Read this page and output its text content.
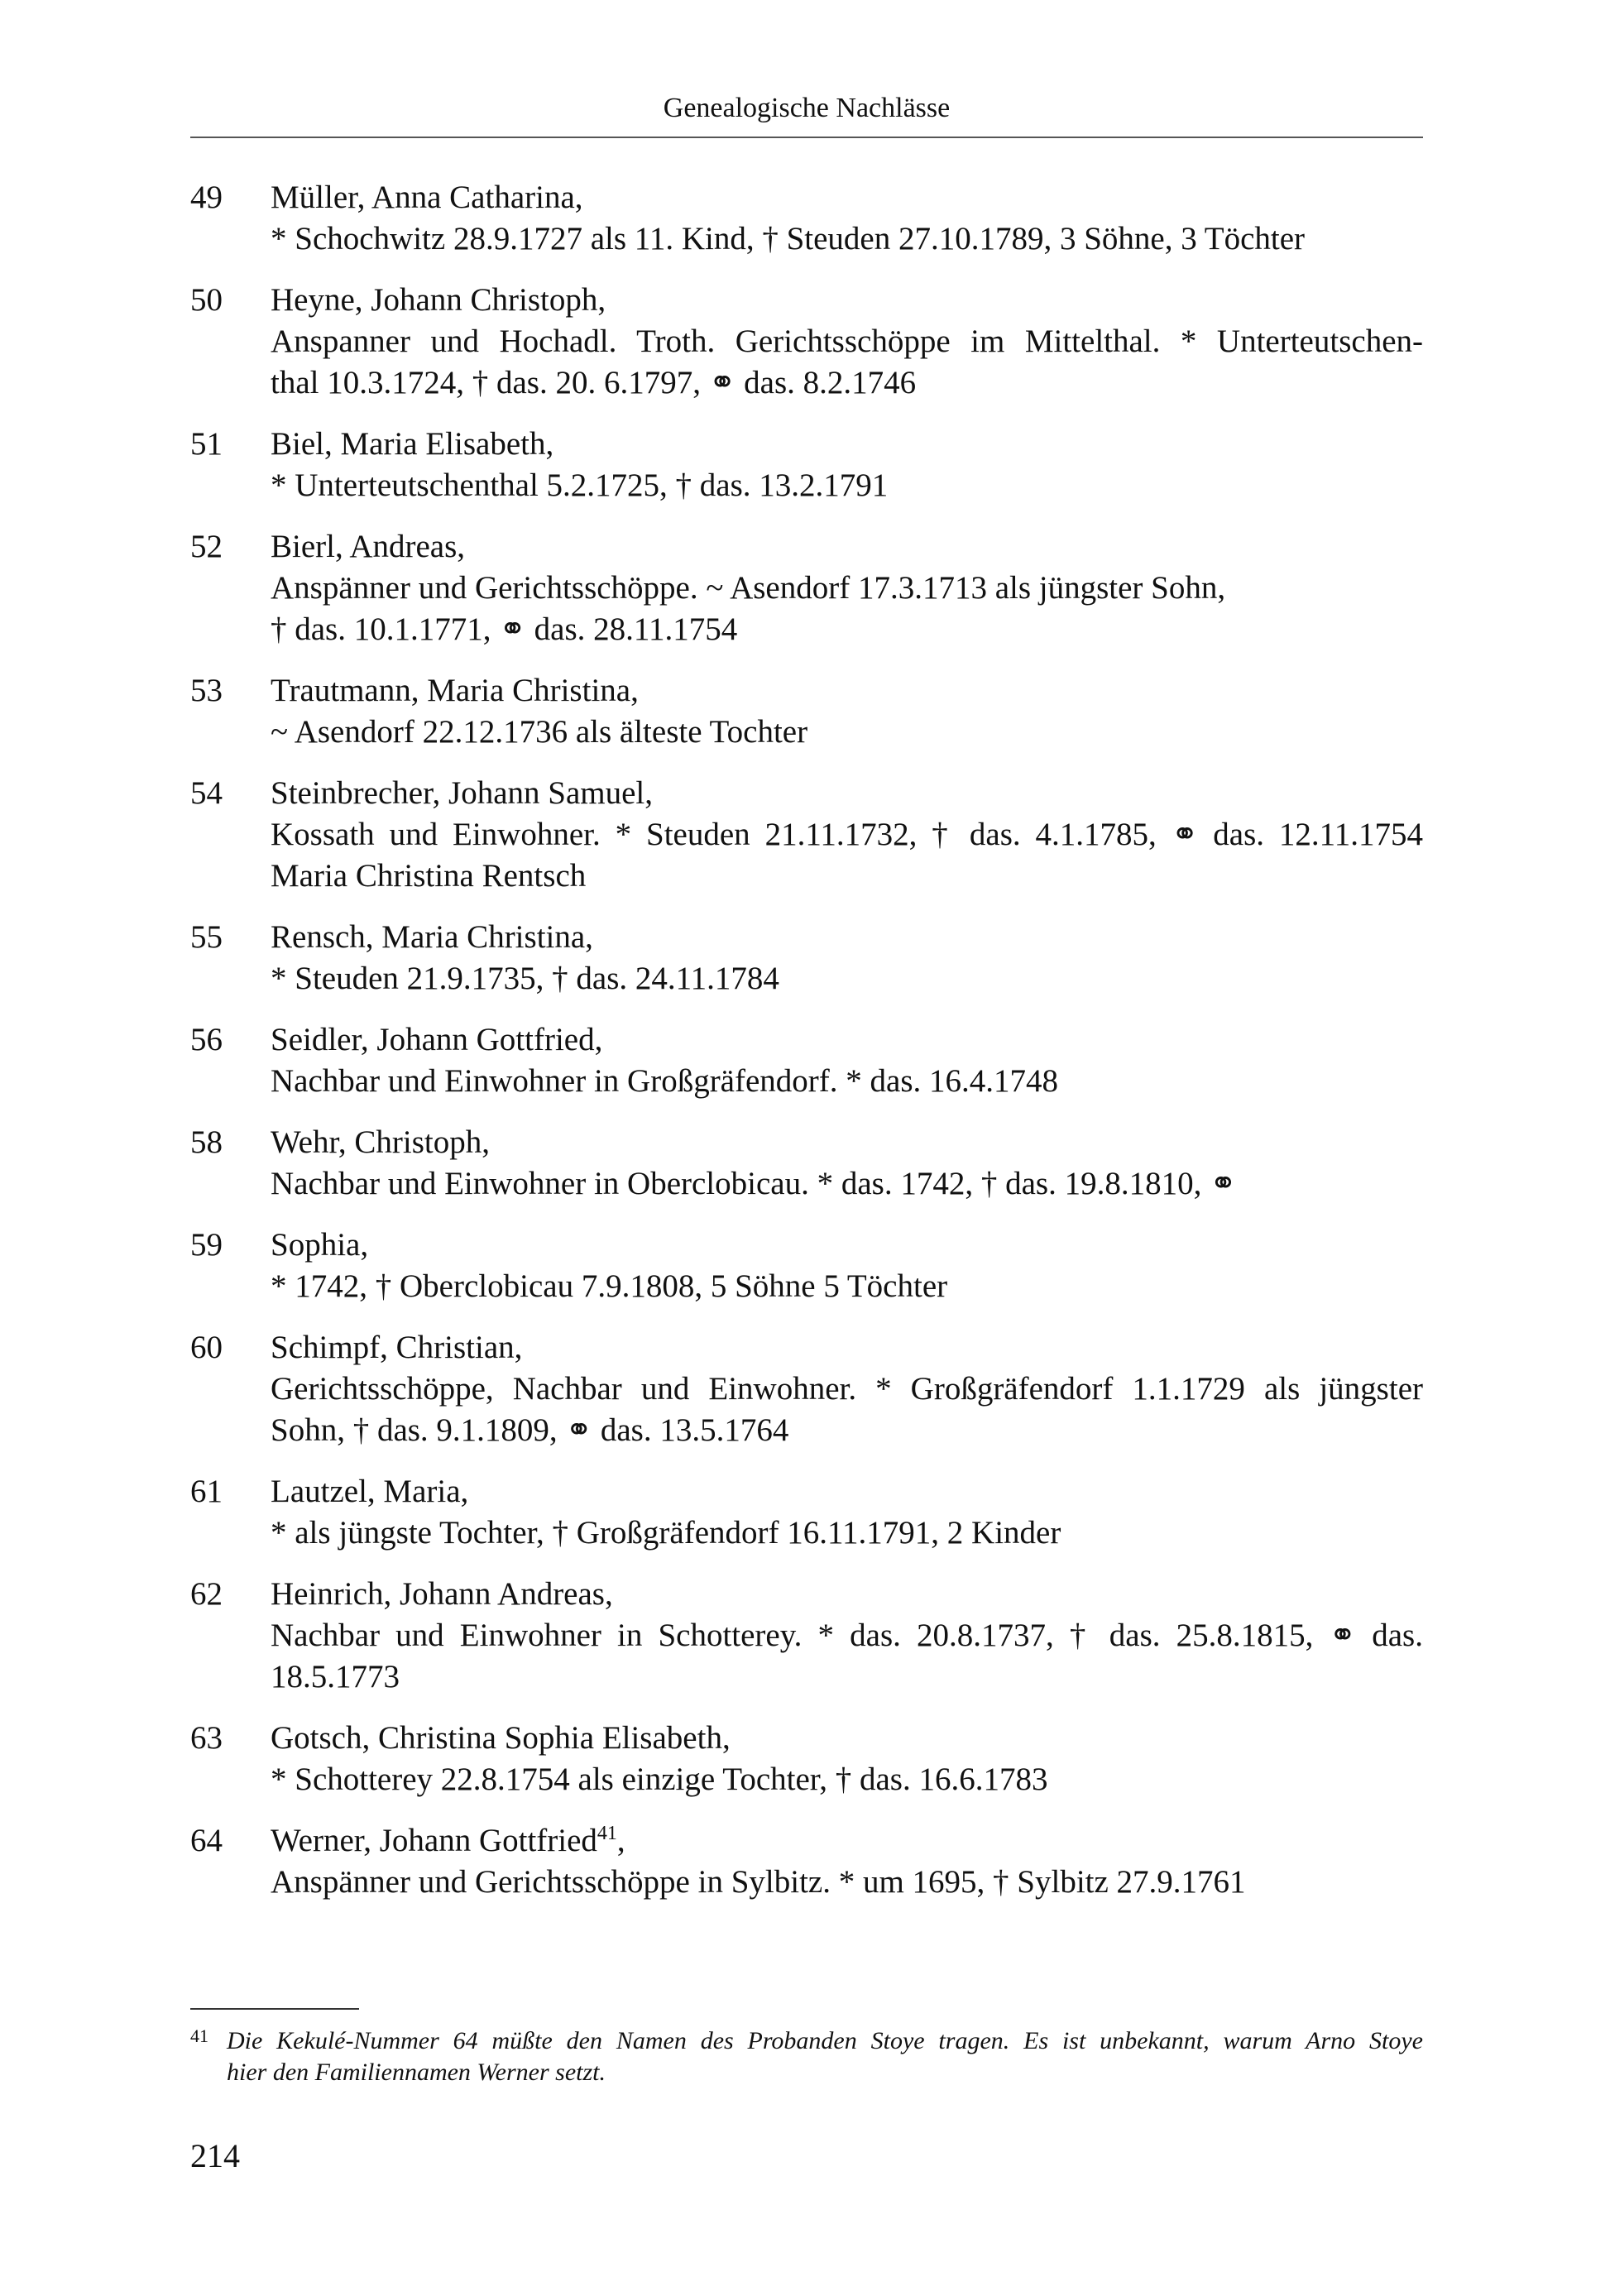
Genealogische Nachlässe
49 Müller, Anna Catharina,
* Schochwitz 28.9.1727 als 11. Kind, † Steuden 27.10.1789, 3 Söhne, 3 Töchter
50 Heyne, Johann Christoph,
Anspanner und Hochadl. Troth. Gerichtsschöppe im Mittelthal. * Unterteutschen-
thal 10.3.1724, † das. 20. 6.1797, ⚭ das. 8.2.1746
51 Biel, Maria Elisabeth,
* Unterteutschenthal 5.2.1725, † das. 13.2.1791
52 Bierl, Andreas,
Anspänner und Gerichtsschöppe. ~ Asendorf 17.3.1713 als jüngster Sohn,
† das. 10.1.1771, ⚭ das. 28.11.1754
53 Trautmann, Maria Christina,
~ Asendorf 22.12.1736 als älteste Tochter
54 Steinbrecher, Johann Samuel,
Kossath und Einwohner. * Steuden 21.11.1732, † das. 4.1.1785, ⚭ das. 12.11.1754
Maria Christina Rentsch
55 Rensch, Maria Christina,
* Steuden 21.9.1735, † das. 24.11.1784
56 Seidler, Johann Gottfried,
Nachbar und Einwohner in Großgräfendorf. * das. 16.4.1748
58 Wehr, Christoph,
Nachbar und Einwohner in Oberclobicau. * das. 1742, † das. 19.8.1810, ⚭
59 Sophia,
* 1742, † Oberclobicau 7.9.1808, 5 Söhne 5 Töchter
60 Schimpf, Christian,
Gerichtsschöppe, Nachbar und Einwohner. * Großgräfendorf 1.1.1729 als jüngster
Sohn, † das. 9.1.1809, ⚭ das. 13.5.1764
61 Lautzel, Maria,
* als jüngste Tochter, † Großgräfendorf 16.11.1791, 2 Kinder
62 Heinrich, Johann Andreas,
Nachbar und Einwohner in Schotterey. * das. 20.8.1737, † das. 25.8.1815, ⚭ das.
18.5.1773
63 Gotsch, Christina Sophia Elisabeth,
* Schotterey 22.8.1754 als einzige Tochter, † das. 16.6.1783
64 Werner, Johann Gottfried$^{41}$,
Anspänner und Gerichtsschöppe in Sylbitz. * um 1695, † Sylbitz 27.9.1761
41 Die Kekulé-Nummer 64 müßte den Namen des Probanden Stoye tragen. Es ist unbekannt, warum Arno Stoye
hier den Familiennamen Werner setzt.
214
